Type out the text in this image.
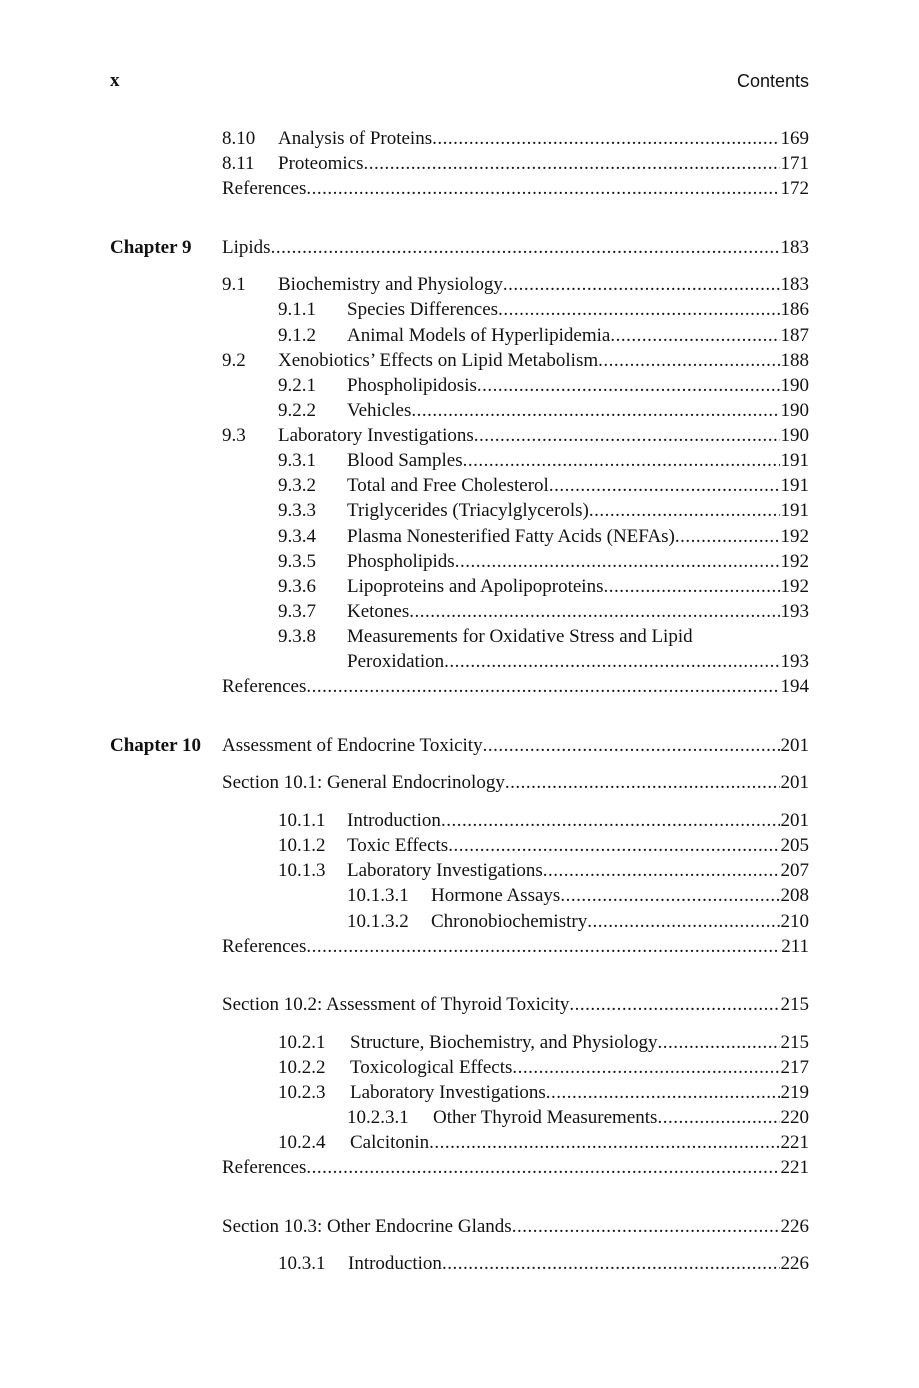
x	Contents
8.10 Analysis of Proteins .....	169
8.11 Proteomics .....	171
References .....	172
Chapter 9 Lipids .....	183
9.1 Biochemistry and Physiology .....	183
9.1.1 Species Differences .....	186
9.1.2 Animal Models of Hyperlipidemia .....	187
9.2 Xenobiotics’ Effects on Lipid Metabolism .....	188
9.2.1 Phospholipidosis .....	190
9.2.2 Vehicles .....	190
9.3 Laboratory Investigations .....	190
9.3.1 Blood Samples .....	191
9.3.2 Total and Free Cholesterol .....	191
9.3.3 Triglycerides (Triacylglycerols) .....	191
9.3.4 Plasma Nonesterified Fatty Acids (NEFAs) .....	192
9.3.5 Phospholipids .....	192
9.3.6 Lipoproteins and Apolipoproteins .....	192
9.3.7 Ketones .....	193
9.3.8 Measurements for Oxidative Stress and Lipid
Peroxidation .....	193
References .....	194
Chapter 10 Assessment of Endocrine Toxicity .....	201
Section 10.1: General Endocrinology .....	201
10.1.1 Introduction .....	201
10.1.2 Toxic Effects .....	205
10.1.3 Laboratory Investigations .....	207
10.1.3.1 Hormone Assays .....	208
10.1.3.2 Chronobiochemistry .....	210
References .....	211
Section 10.2: Assessment of Thyroid Toxicity .....	215
10.2.1 Structure, Biochemistry, and Physiology .....	215
10.2.2 Toxicological Effects .....	217
10.2.3 Laboratory Investigations .....	219
10.2.3.1 Other Thyroid Measurements .....	220
10.2.4 Calcitonin .....	221
References .....	221
Section 10.3: Other Endocrine Glands .....	226
10.3.1 Introduction .....	226
